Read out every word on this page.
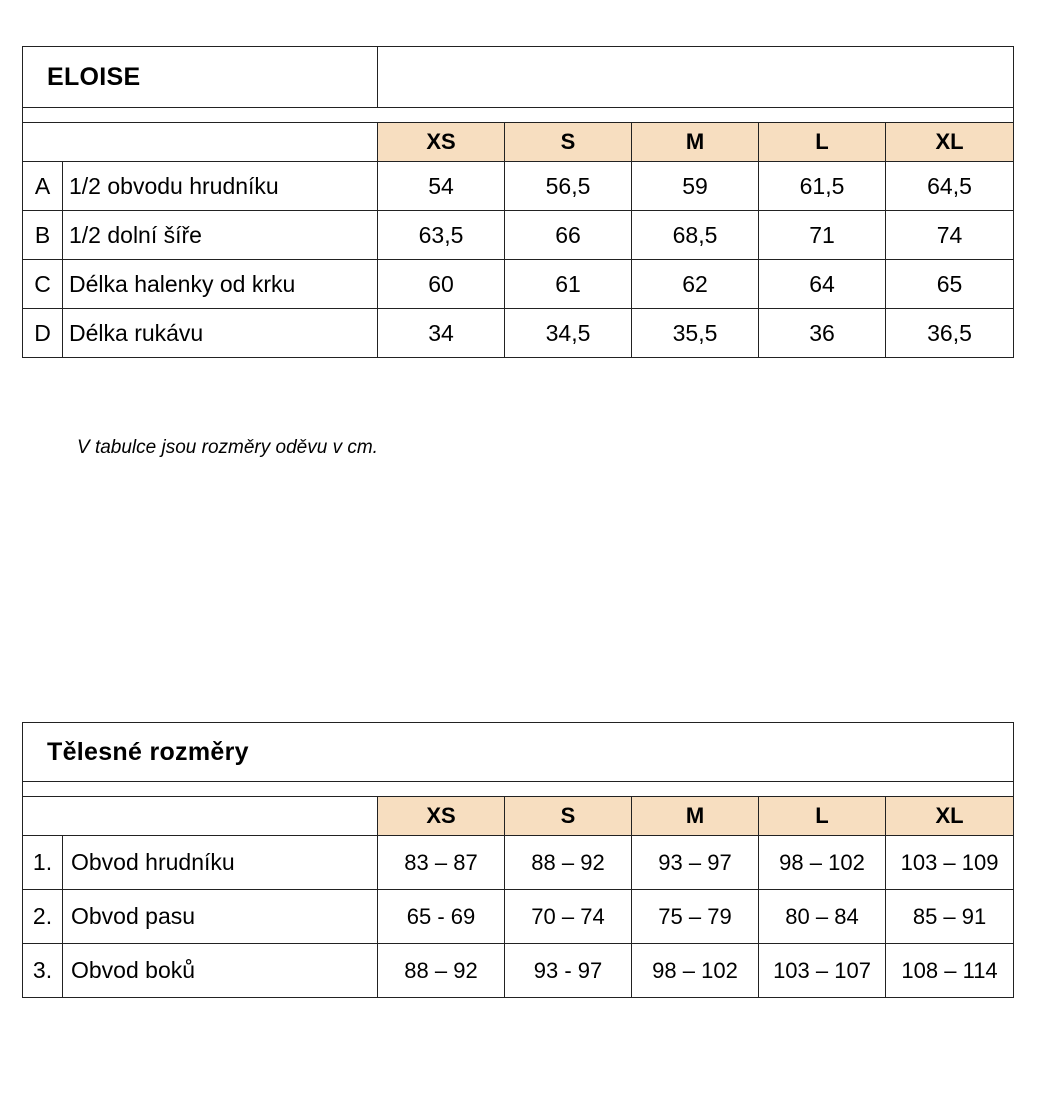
ELOISE						

		XS	S	M	L	XL
A	1/2 obvodu hrudníku	54	56,5	59	61,5	64,5
B	1/2 dolní šíře	63,5	66	68,5	71	74
C	Délka halenky od krku	60	61	62	64	65
D	Délka rukávu	34	34,5	35,5	36	36,5
V tabulce jsou rozměry oděvu v cm.
Tělesné rozměry						

		XS	S	M	L	XL
1.	Obvod hrudníku	83 – 87	88 – 92	93 – 97	98 – 102	103 – 109
2.	Obvod pasu	65 - 69	70 – 74	75 – 79	80 – 84	85 – 91
3.	Obvod boků	88 – 92	93 - 97	98 – 102	103 – 107	108 – 114
